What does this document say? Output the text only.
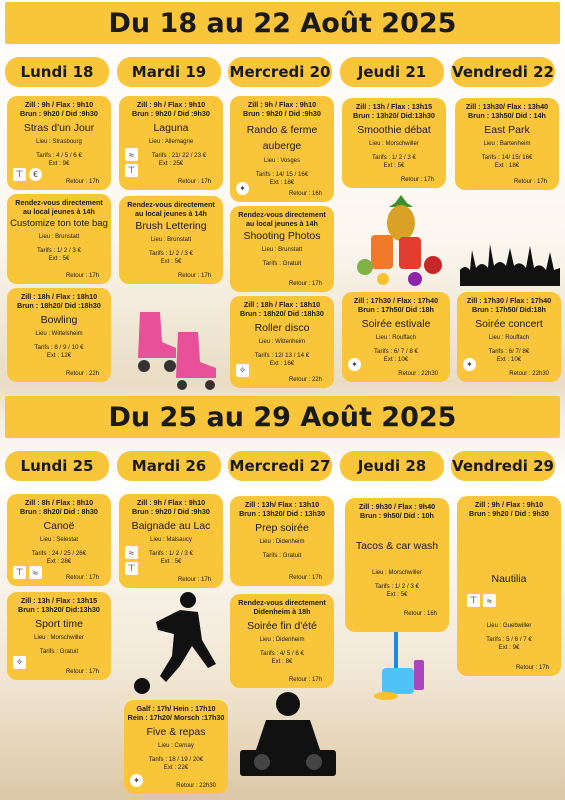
Du 18 au 22 Août 2025
Lundi 18	Mardi 19	Mercredi 20	Jeudi 21	Vendredi 22
Zill : 9h / Flax : 9h10
Brun : 9h20 / Did :9h30
Stras d'un Jour
Lieu : Strasbourg
Tarifs : 4 / 5 / 6 €
Ext : 9€
⊤	€
Retour : 17h
Zill : 9h / Flax : 9h10
Brun : 9h20 / Did :9h30
Laguna
Lieu : Allemagne
Tarifs : 21/ 22 / 23 €
Ext : 25€
≈
⊤
Retour : 17h
Zill : 9h / Flax : 9h10
Brun : 9h20 / Did :9h30
Rando & ferme auberge
Lieu : Vosges
Tarifs : 14/ 15 / 16€
Ext : 18€
✦
Retour : 16h
Zill : 13h / Flax : 13h15
Brun : 13h20/ Did:13h30
Smoothie débat
Lieu : Morschwiller
Tarifs : 1/ 2 / 3 €
Ext : 5€
Retour : 17h
Zill : 13h30/ Flax : 13h40
Brun : 13h50/ Did : 14h
East Park
Lieu : Bartenheim
Tarifs : 14/ 15/ 16€
Ext : 18€
Retour : 17h
Rendez-vous directement
au local jeunes à 14h
Customize ton tote bag
Lieu : Brunstatt
Tarifs : 1/ 2 / 3 €
Ext : 5€
Retour : 17h
Rendez-vous directement
au local jeunes à 14h
Brush Lettering
Lieu : Brunstatt
Tarifs : 1/ 2 / 3 €
Ext : 5€
Retour : 17h
Rendez-vous directement
au local jeunes à 14h
Shooting Photos
Lieu : Brunstatt
Tarifs : Gratuit
Retour : 17h
Zill : 18h / Flax : 18h10
Brun : 18h20/ Did :18h30
Bowling
Lieu : Wittelsheim
Tarifs : 8 / 9 / 10 €
Ext : 12€
Retour : 22h
Zill : 18h / Flax : 18h10
Brun : 18h20/ Did :18h30
Roller disco
Lieu : Wittenheim
Tarifs : 12/ 13 / 14 €
Ext : 16€
✧
Retour : 22h
Zill : 17h30 / Flax : 17h40
Brun : 17h50/ Did :18h
Soirée estivale
Lieu : Rouffach
Tarifs : 6/ 7 / 8 €
Ext : 10€
✦
Retour : 22h30
Zill : 17h30 / Flax : 17h40
Brun : 17h50/ Did:18h
Soirée concert
Lieu : Rouffach
Tarifs : 6/ 7/ 8€
Ext : 10€
✦
Retour : 22h30
Du 25 au 29 Août 2025
Lundi 25	Mardi 26	Mercredi 27	Jeudi 28	Vendredi 29
Zill : 8h / Flax : 8h10
Brun : 8h20/ Did : 8h30
Canoë
Lieu : Selestat
Tarifs : 24 / 25 / 26€
Ext : 28€
⊤	≈
Retour : 17h
Zill : 9h / Flax : 9h10
Brun : 9h20 / Did :9h30
Baignade au Lac
Lieu : Malsaucy
Tarifs : 1/ 2 / 3 €
Ext : 5€
≈
⊤
Retour : 17h
Zill : 13h/ Flax : 13h10
Brun : 13h20/ Did : 13h30
Prep soirée
Lieu : Didenheim
Tarifs : Gratuit
Retour : 17h
Zill : 9h30 / Flax : 9h40
Brun : 9h50/ Did : 10h
Tacos & car wash
Lieu : Morschwiller
Tarifs : 1/ 2 / 3 €
Ext : 5€
Retour : 16h
Zill : 9h / Flax : 9h10
Brun : 9h20 / Did : 9h30
Nautilia
Lieu : Guebwiller
Tarifs : 5 / 6 / 7 €
Ext : 9€
⊤	≈
Retour : 17h
Zill : 13h / Flax : 13h15
Brun : 13h20/ Did:13h30
Sport time
Lieu : Morschwiller
Tarifs : Gratuit
✧
Retour : 17h
Rendez-vous directement
Didenheim à 18h
Soirée fin d'été
Lieu : Didenheim
Tarifs : 4/ 5 / 6 €
Ext : 8€
Retour : 17h
Galf : 17h/ Hein : 17h10
Rein : 17h20/ Morsch :17h30
Five & repas
Lieu : Cernay
Tarifs : 18 / 19 / 20€
Ext : 22€
✦
Retour : 22h30
